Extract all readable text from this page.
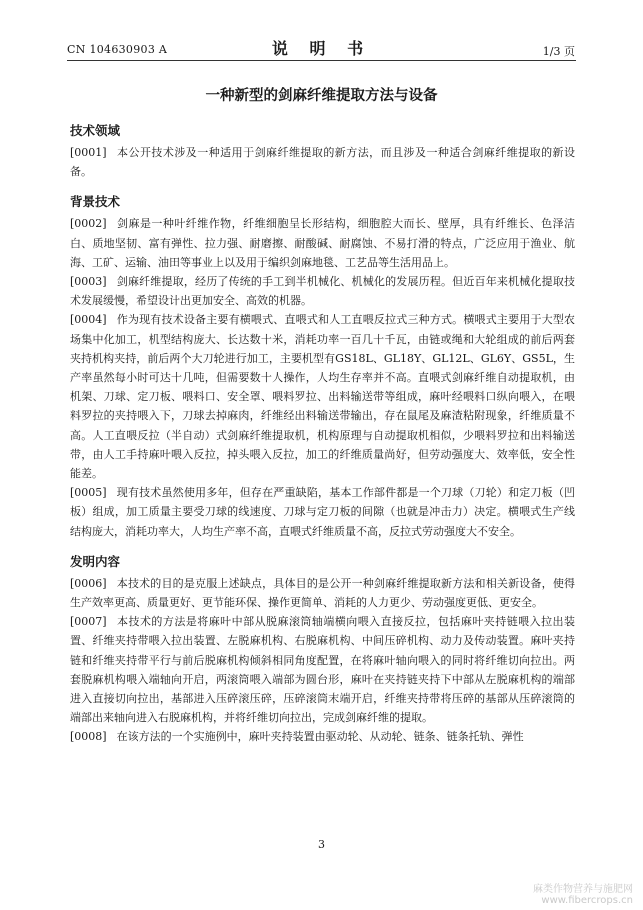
CN 104630903 A	说 明 书	1/3 页
一种新型的剑麻纤维提取方法与设备
技术领域

[0001] 本公开技术涉及一种适用于剑麻纤维提取的新方法，而且涉及一种适合剑麻纤维提取的新设备。

背景技术

[0002] 剑麻是一种叶纤维作物，纤维细胞呈长形结构，细胞腔大而长、壁厚，具有纤维长、色泽洁白、质地坚韧、富有弹性、拉力强、耐磨擦、耐酸碱、耐腐蚀、不易打滑的特点，广泛应用于渔业、航海、工矿、运输、油田等事业上以及用于编织剑麻地毯、工艺品等生活用品上。

[0003] 剑麻纤维提取，经历了传统的手工到半机械化、机械化的发展历程。但近百年来机械化提取技术发展缓慢，希望设计出更加安全、高效的机器。

[0004] 作为现有技术设备主要有横喂式、直喂式和人工直喂反拉式三种方式。横喂式主要用于大型农场集中化加工，机型结构庞大、长达数十米，消耗功率一百几十千瓦，由链或绳和大轮组成的前后两套夹持机构夹持，前后两个大刀轮进行加工，主要机型有GS18L、GL18Y、GL12L、GL6Y、GS5L，生产率虽然每小时可达十几吨，但需要数十人操作，人均生存率并不高。直喂式剑麻纤维自动提取机，由机架、刀球、定刀板、喂料口、安全罩、喂料罗拉、出料输送带等组成，麻叶经喂料口纵向喂入，在喂料罗拉的夹持喂入下，刀球去掉麻肉，纤维经出料输送带输出，存在鼠尾及麻渣粘附现象，纤维质量不高。人工直喂反拉（半自动）式剑麻纤维提取机，机构原理与自动提取机相似，少喂料罗拉和出料输送带，由人工手持麻叶喂入反拉，掉头喂入反拉，加工的纤维质量尚好，但劳动强度大、效率低，安全性能差。

[0005] 现有技术虽然使用多年，但存在严重缺陷，基本工作部件都是一个刀球（刀轮）和定刀板（凹板）组成，加工质量主要受刀球的线速度、刀球与定刀板的间隙（也就是冲击力）决定。横喂式生产线结构庞大，消耗功率大，人均生产率不高，直喂式纤维质量不高，反拉式劳动强度大不安全。

发明内容

[0006] 本技术的目的是克服上述缺点，具体目的是公开一种剑麻纤维提取新方法和相关新设备，使得生产效率更高、质量更好、更节能环保、操作更简单、消耗的人力更少、劳动强度更低、更安全。

[0007] 本技术的方法是将麻叶中部从脱麻滚筒轴端横向喂入直接反拉，包括麻叶夹持链喂入拉出装置、纤维夹持带喂入拉出装置、左脱麻机构、右脱麻机构、中间压碎机构、动力及传动装置。麻叶夹持链和纤维夹持带平行与前后脱麻机构倾斜相同角度配置，在将麻叶轴向喂入的同时将纤维切向拉出。两套脱麻机构喂入端轴向开启，两滚筒喂入端部为圆台形，麻叶在夹持链夹持下中部从左脱麻机构的端部进入直接切向拉出，基部进入压碎滚压碎，压碎滚筒末端开启，纤维夹持带将压碎的基部从压碎滚筒的端部出来轴向进入右脱麻机构，并将纤维切向拉出，完成剑麻纤维的提取。

[0008] 在该方法的一个实施例中，麻叶夹持装置由驱动轮、从动轮、链条、链条托轨、弹性

3
麻类作物营养与施肥网
www.fibercrops.cn
